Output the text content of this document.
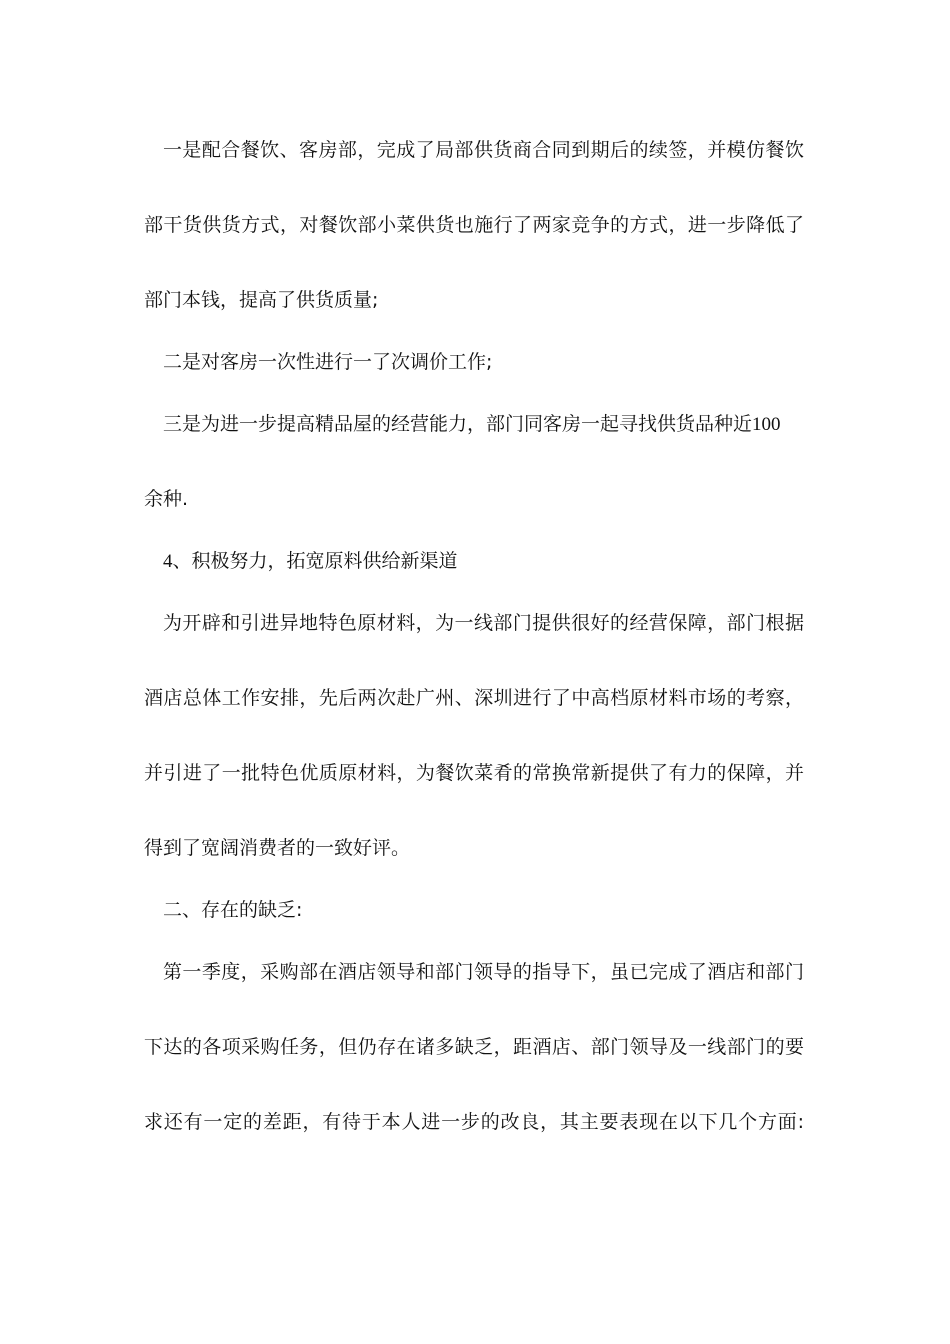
一是配合餐饮、客房部，完成了局部供货商合同到期后的续签，并模仿餐饮

部干货供货方式，对餐饮部小菜供货也施行了两家竞争的方式，进一步降低了

部门本钱，提高了供货质量;

二是对客房一次性进行一了次调价工作;

三是为进一步提高精品屋的经营能力，部门同客房一起寻找供货品种近100

余种.

4、积极努力，拓宽原料供给新渠道

为开辟和引进异地特色原材料，为一线部门提供很好的经营保障，部门根据

酒店总体工作安排，先后两次赴广州、深圳进行了中高档原材料市场的考察，

并引进了一批特色优质原材料，为餐饮菜肴的常换常新提供了有力的保障，并

得到了宽阔消费者的一致好评。

二、存在的缺乏:

第一季度，采购部在酒店领导和部门领导的指导下，虽已完成了酒店和部门

下达的各项采购任务，但仍存在诸多缺乏，距酒店、部门领导及一线部门的要

求还有一定的差距，有待于本人进一步的改良，其主要表现在以下几个方面:
